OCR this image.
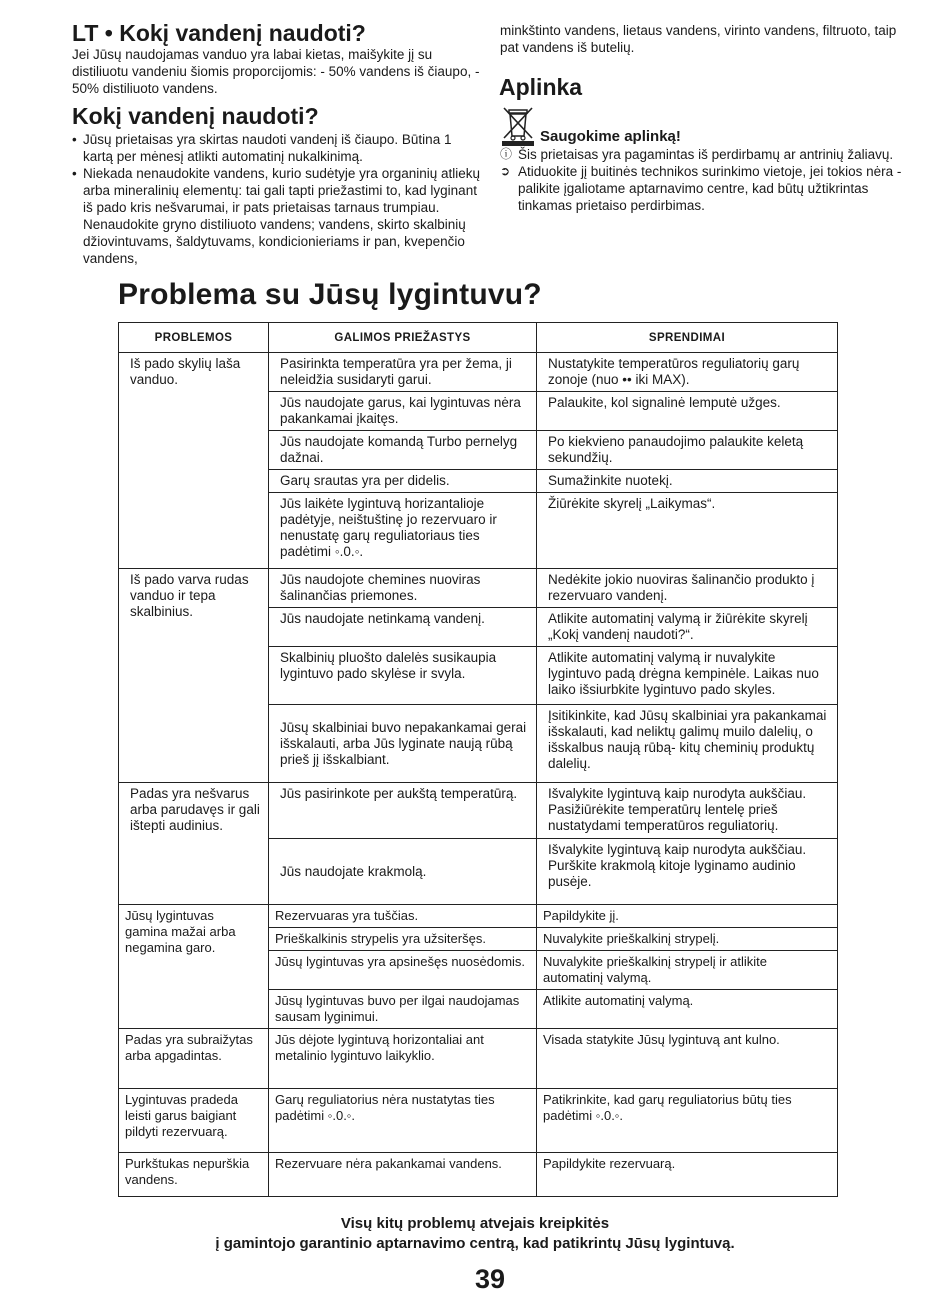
LT • Kokį vandenį naudoti?

Jei Jūsų naudojamas vanduo yra labai kietas, maišykite jį su distiliuotu vandeniu šiomis proporcijomis: - 50% vandens iš čiaupo, - 50% distiliuoto vandens.

Kokį vandenį naudoti?
• Jūsų prietaisas yra skirtas naudoti vandenį iš čiaupo. Būtina 1 kartą per mėnesį atlikti automatinį nukalkinimą.
• Niekada nenaudokite vandens, kurio sudėtyje yra organinių atliekų arba mineralinių elementų: tai gali tapti priežastimi to, kad lyginant iš pado kris nešvarumai, ir pats prietaisas tarnaus trumpiau. Nenaudokite gryno distiliuoto vandens; vandens, skirto skalbinių džiovintuvams, šaldytuvams, kondicionieriams ir pan, kvepenčio vandens,

minkštinto vandens, lietaus vandens, virinto vandens, filtruoto, taip pat vandens iš butelių.

Aplinka
Saugokime aplinką!
ⓘ Šis prietaisas yra pagamintas iš perdirbamų ar antrinių žaliavų.
➲ Atiduokite jį buitinės technikos surinkimo vietoje, jei tokios nėra - palikite įgaliotame aptarnavimo centre, kad būtų užtikrintas tinkamas prietaiso perdirbimas.
Problema su Jūsų lygintuvu?
PROBLEMOS	GALIMOS PRIEŽASTYS	SPRENDIMAI
Iš pado skylių laša vanduo.	Pasirinkta temperatūra yra per žema, ji neleidžia susidaryti garui.	Nustatykite temperatūros reguliatorių garų zonoje (nuo •• iki MAX).
	Jūs naudojate garus, kai lygintuvas nėra pakankamai įkaitęs.	Palaukite, kol signalinė lemputė užges.
	Jūs naudojate komandą Turbo pernelyg dažnai.	Po kiekvieno panaudojimo palaukite keletą sekundžių.
	Garų srautas yra per didelis.	Sumažinkite nuotekį.
	Jūs laikėte lygintuvą horizantalioje padėtyje, neištuštinę jo rezervuaro ir nenustatę garų reguliatoriaus ties padėtimi ◦.0.◦.	Žiūrėkite skyrelį „Laikymas“.
Iš pado varva rudas vanduo ir tepa skalbinius.	Jūs naudojote chemines nuoviras šalinančias priemones.	Nedėkite jokio nuoviras šalinančio produkto į rezervuaro vandenį.
	Jūs naudojate netinkamą vandenį.	Atlikite automatinį valymą ir žiūrėkite skyrelį „Kokį vandenį naudoti?“.
	Skalbinių pluošto dalelės susikaupia lygintuvo pado skylėse ir svyla.	Atlikite automatinį valymą ir nuvalykite lygintuvo padą drėgna kempinėle. Laikas nuo laiko išsiurbkite lygintuvo pado skyles.
	Jūsų skalbiniai buvo nepakankamai gerai išskalauti, arba Jūs lyginate naują rūbą prieš jį išskalbiant.	Įsitikinkite, kad Jūsų skalbiniai yra pakankamai išskalauti, kad neliktų galimų muilo dalelių, o išskalbus naują rūbą- kitų cheminių produktų dalelių.
Padas yra nešvarus arba parudavęs ir gali ištepti audinius.	Jūs pasirinkote per aukštą temperatūrą.	Išvalykite lygintuvą kaip nurodyta aukščiau. Pasižiūrėkite temperatūrų lentelę prieš nustatydami temperatūros reguliatorių.
	Jūs naudojate krakmolą.	Išvalykite lygintuvą kaip nurodyta aukščiau. Purškite krakmolą kitoje lyginamo audinio pusėje.
Jūsų lygintuvas gamina mažai arba negamina garo.	Rezervuaras yra tuščias.	Papildykite jį.
	Prieškalkinis strypelis yra užsiteršęs.	Nuvalykite prieškalkinį strypelį.
	Jūsų lygintuvas yra apsinešęs nuosėdomis.	Nuvalykite prieškalkinį strypelį ir atlikite automatinį valymą.
	Jūsų lygintuvas buvo per ilgai naudojamas sausam lyginimui.	Atlikite automatinį valymą.
Padas yra subraižytas arba apgadintas.	Jūs dėjote lygintuvą horizontaliai ant metalinio lygintuvo laikyklio.	Visada statykite Jūsų lygintuvą ant kulno.
Lygintuvas pradeda leisti garus baigiant pildyti rezervuarą.	Garų reguliatorius nėra nustatytas ties padėtimi ◦.0.◦.	Patikrinkite, kad garų reguliatorius būtų ties padėtimi ◦.0.◦.
Purkštukas nepurškia vandens.	Rezervuare nėra pakankamai vandens.	Papildykite rezervuarą.
Visų kitų problemų atvejais kreipkitės
į gamintojo garantinio aptarnavimo centrą, kad patikrintų Jūsų lygintuvą.
39
